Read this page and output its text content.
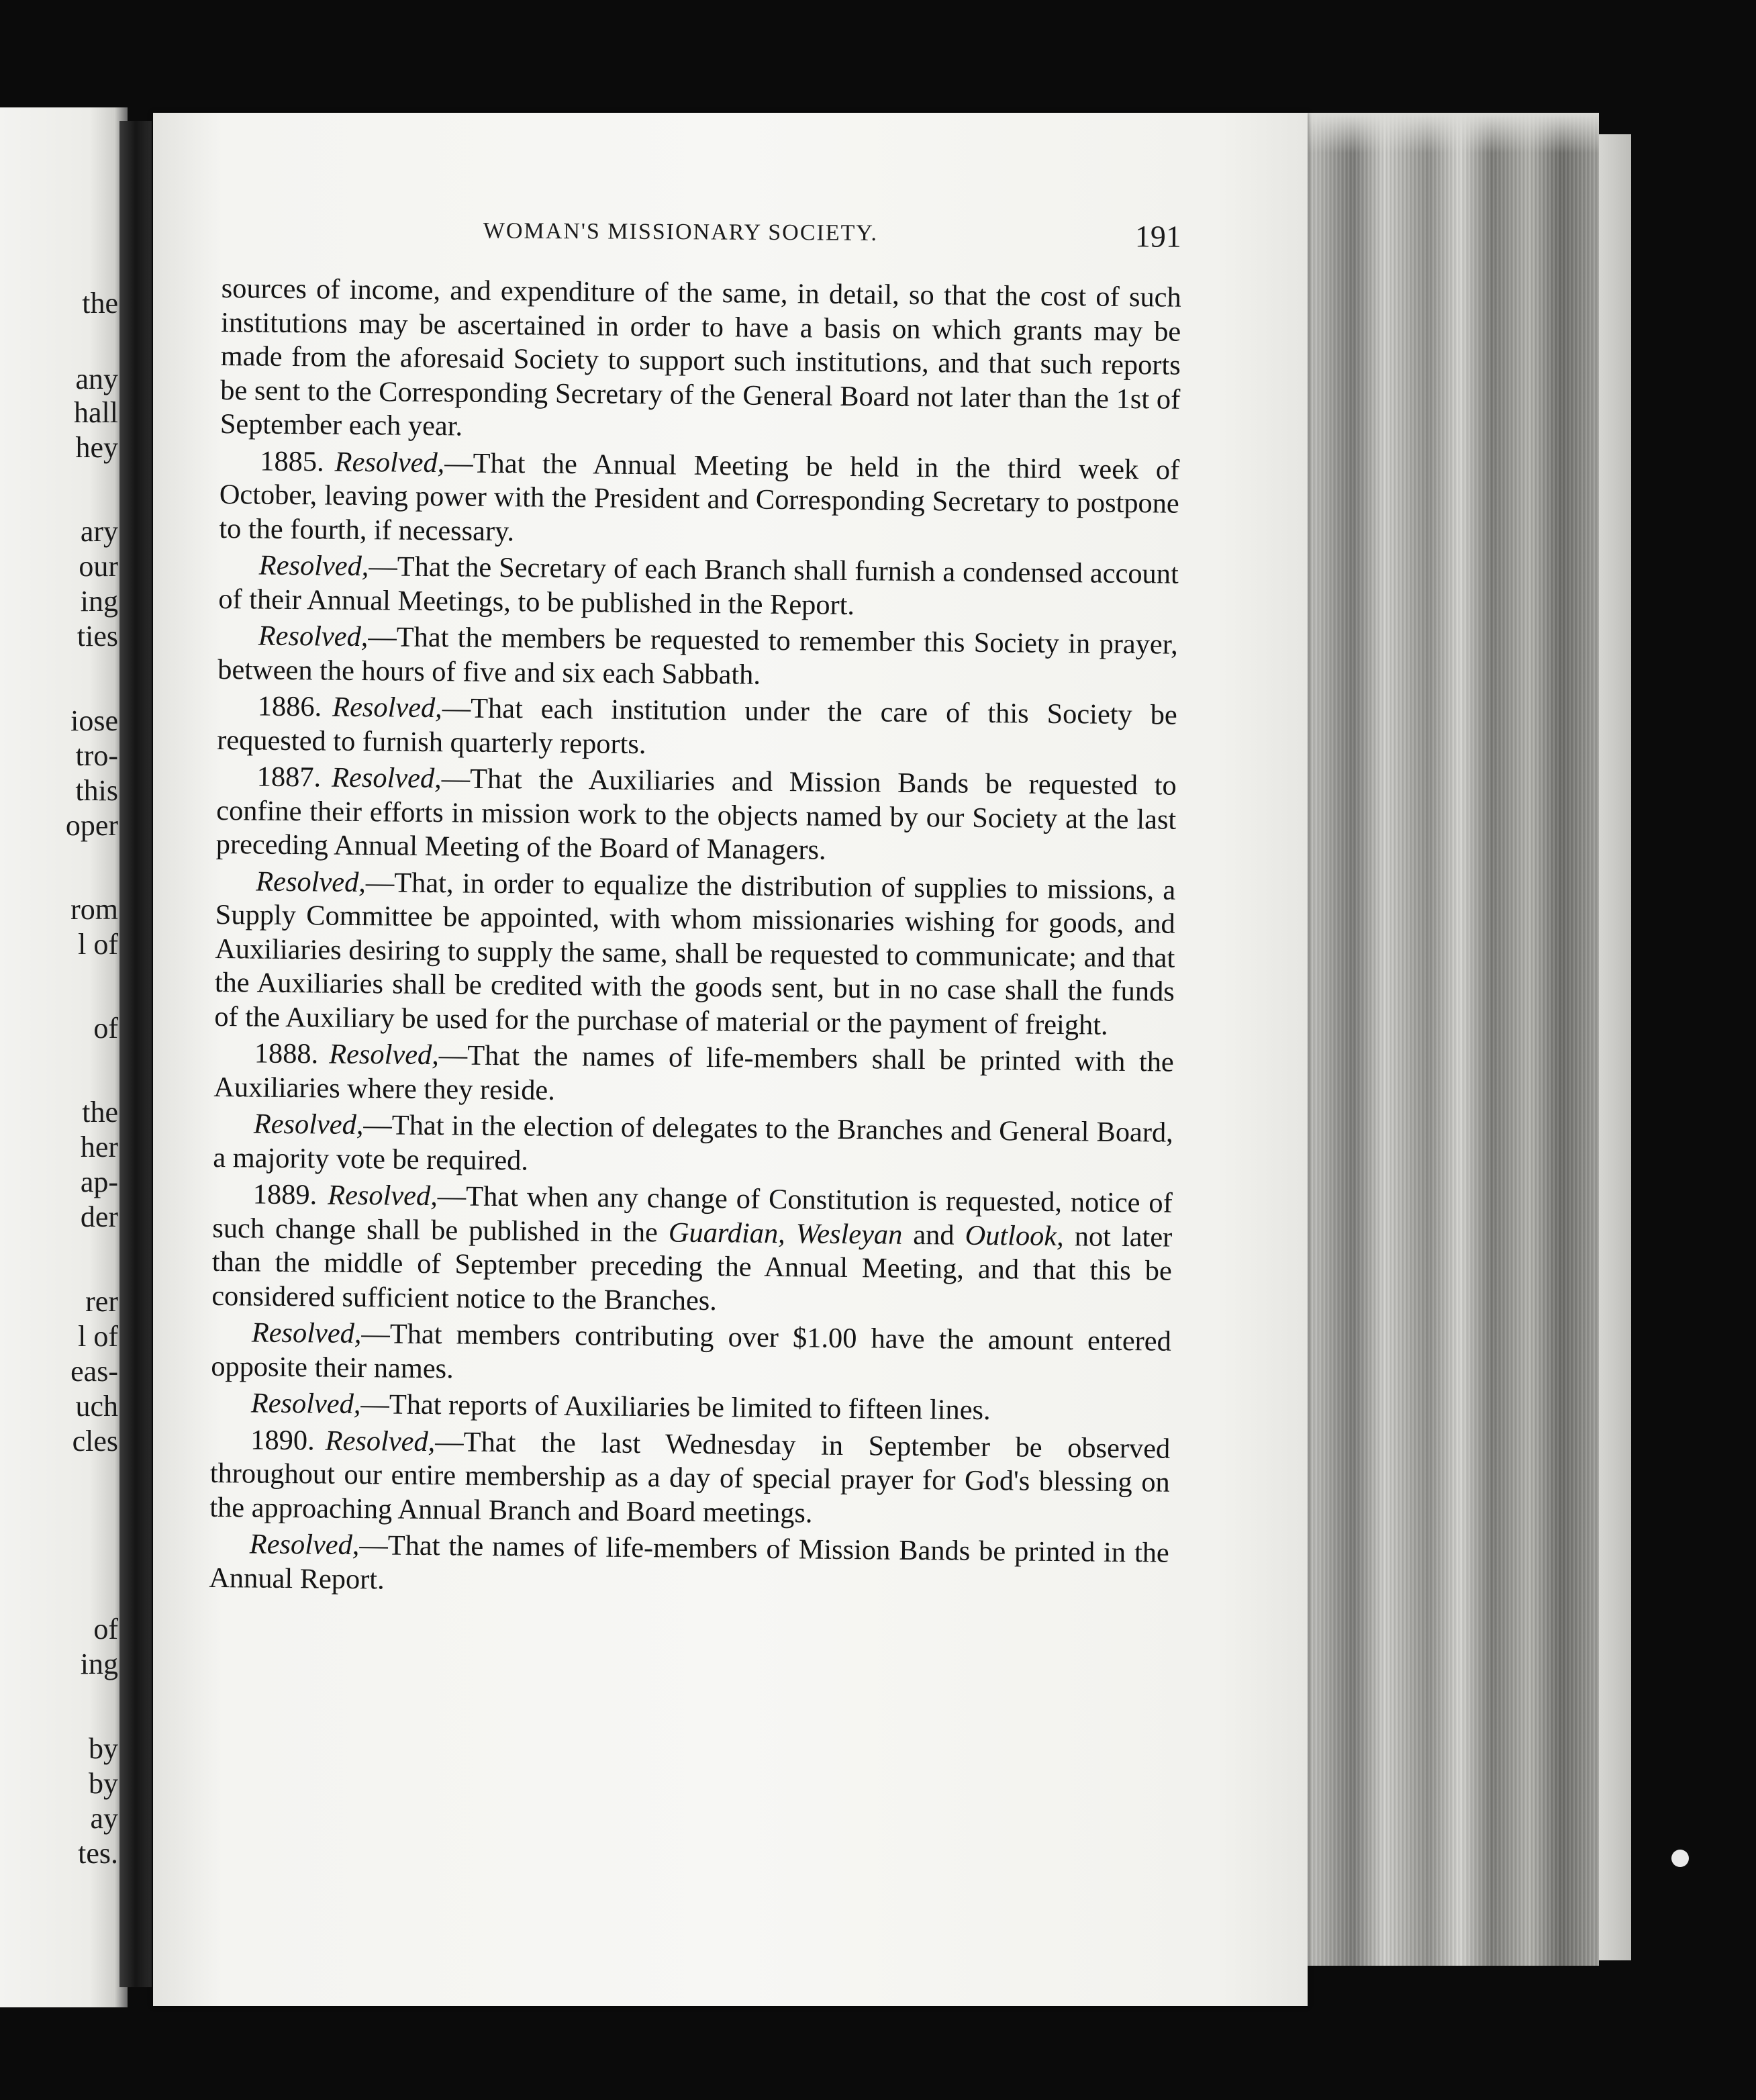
the
any
hall
hey
ary
our
ing
ties
iose
tro-
this
oper
rom
l of
of
the
her
ap-
der
rer
l of
eas-
uch
cles
of
ing
by
by
ay
tes.
WOMAN'S MISSIONARY SOCIETY.	191

sources of income, and expenditure of the same, in detail, so that the cost of such institutions may be ascertained in order to have a basis on which grants may be made from the aforesaid Society to support such institutions, and that such reports be sent to the Corresponding Secretary of the General Board not later than the 1st of September each year.

1885. Resolved,—That the Annual Meeting be held in the third week of October, leaving power with the President and Corresponding Secretary to postpone to the fourth, if necessary.

Resolved,—That the Secretary of each Branch shall furnish a condensed account of their Annual Meetings, to be published in the Report.

Resolved,—That the members be requested to remember this Society in prayer, between the hours of five and six each Sabbath.

1886. Resolved,—That each institution under the care of this Society be requested to furnish quarterly reports.

1887. Resolved,—That the Auxiliaries and Mission Bands be requested to confine their efforts in mission work to the objects named by our Society at the last preceding Annual Meeting of the Board of Managers.

Resolved,—That, in order to equalize the distribution of supplies to missions, a Supply Committee be appointed, with whom missionaries wishing for goods, and Auxiliaries desiring to supply the same, shall be requested to communicate; and that the Auxiliaries shall be credited with the goods sent, but in no case shall the funds of the Auxiliary be used for the purchase of material or the payment of freight.

1888. Resolved,—That the names of life-members shall be printed with the Auxiliaries where they reside.

Resolved,—That in the election of delegates to the Branches and General Board, a majority vote be required.

1889. Resolved,—That when any change of Constitution is requested, notice of such change shall be published in the Guardian, Wesleyan and Outlook, not later than the middle of September preceding the Annual Meeting, and that this be considered sufficient notice to the Branches.

Resolved,—That members contributing over $1.00 have the amount entered opposite their names.

Resolved,—That reports of Auxiliaries be limited to fifteen lines.

1890. Resolved,—That the last Wednesday in September be observed throughout our entire membership as a day of special prayer for God's blessing on the approaching Annual Branch and Board meetings.

Resolved,—That the names of life-members of Mission Bands be printed in the Annual Report.
